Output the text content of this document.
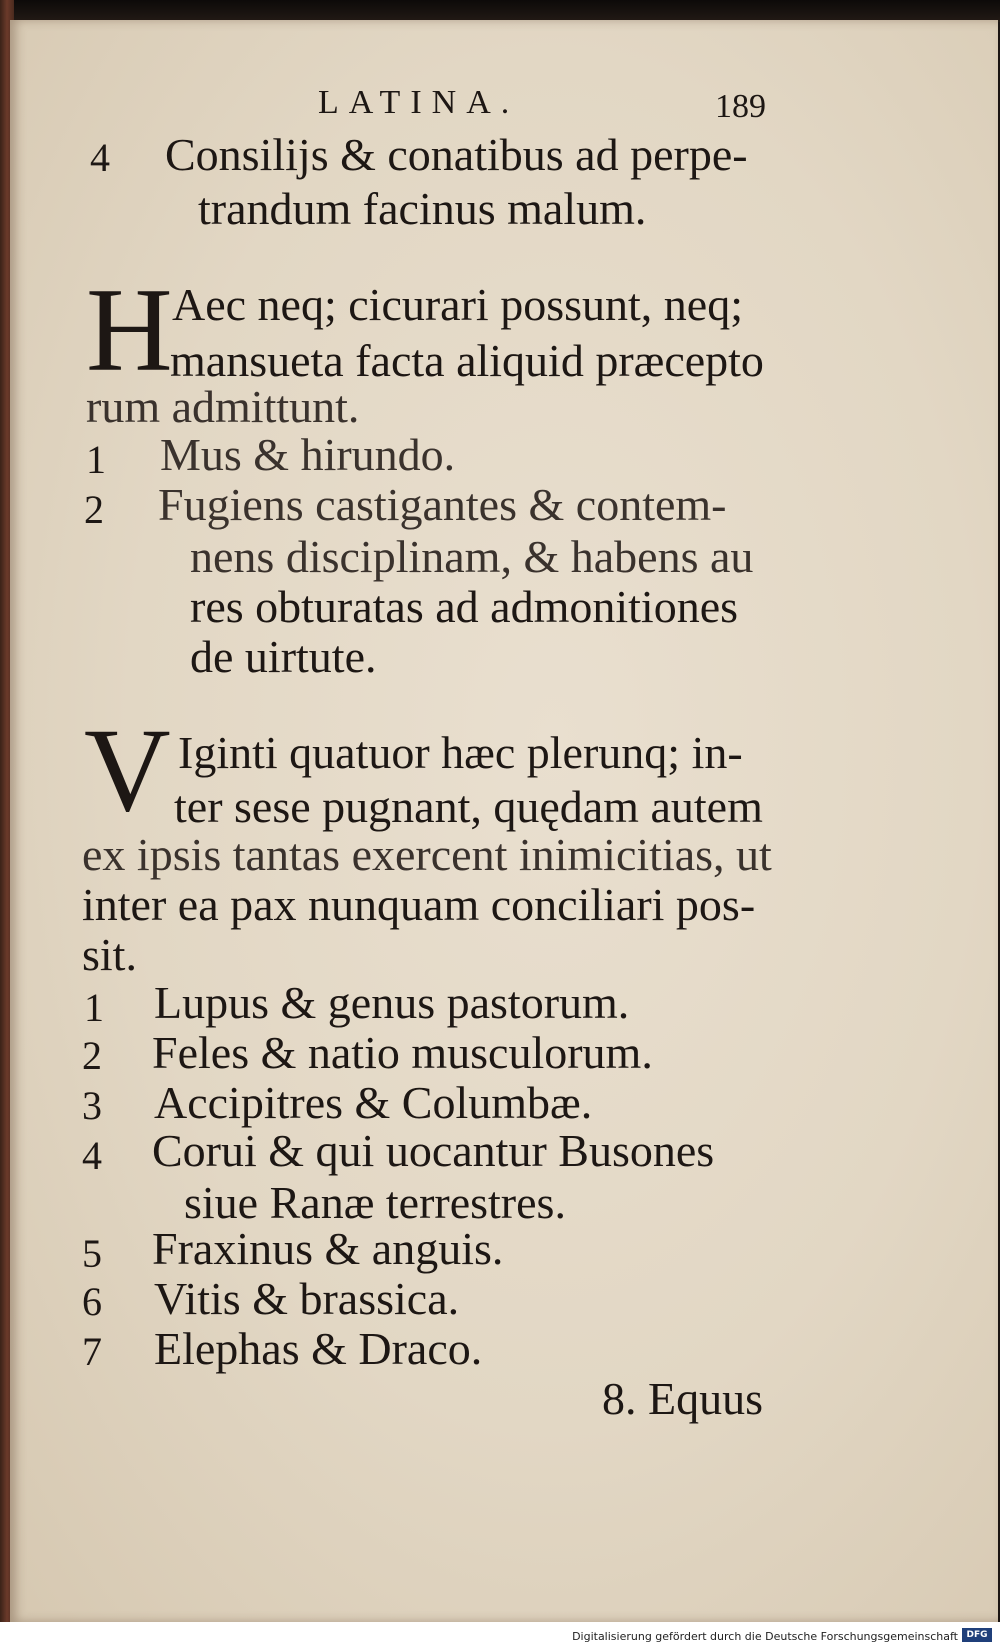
LATINA.	189
4 Consilijs & conatibus ad perpe-
trandum facinus malum.
H Aec neq; cicurari possunt, neq;
mansueta facta aliquid præcepto
rum admittunt.
1 Mus & hirundo.
2 Fugiens castigantes & contem-
nens disciplinam, & habens au
res obturatas ad admonitiones
de uirtute.
V Iginti quatuor hæc plerunq; in-
ter sese pugnant, quędam autem
ex ipsis tantas exercent inimicitias, ut
inter ea pax nunquam conciliari pos-
sit.
1 Lupus & genus pastorum.
2 Feles & natio musculorum.
3 Accipitres & Columbæ.
4 Corui & qui uocantur Busones
siue Ranæ terrestres.
5 Fraxinus & anguis.
6 Vitis & brassica.
7 Elephas & Draco.
8. Equus
Digitalisierung gefördert durch die Deutsche Forschungsgemeinschaft DFG
